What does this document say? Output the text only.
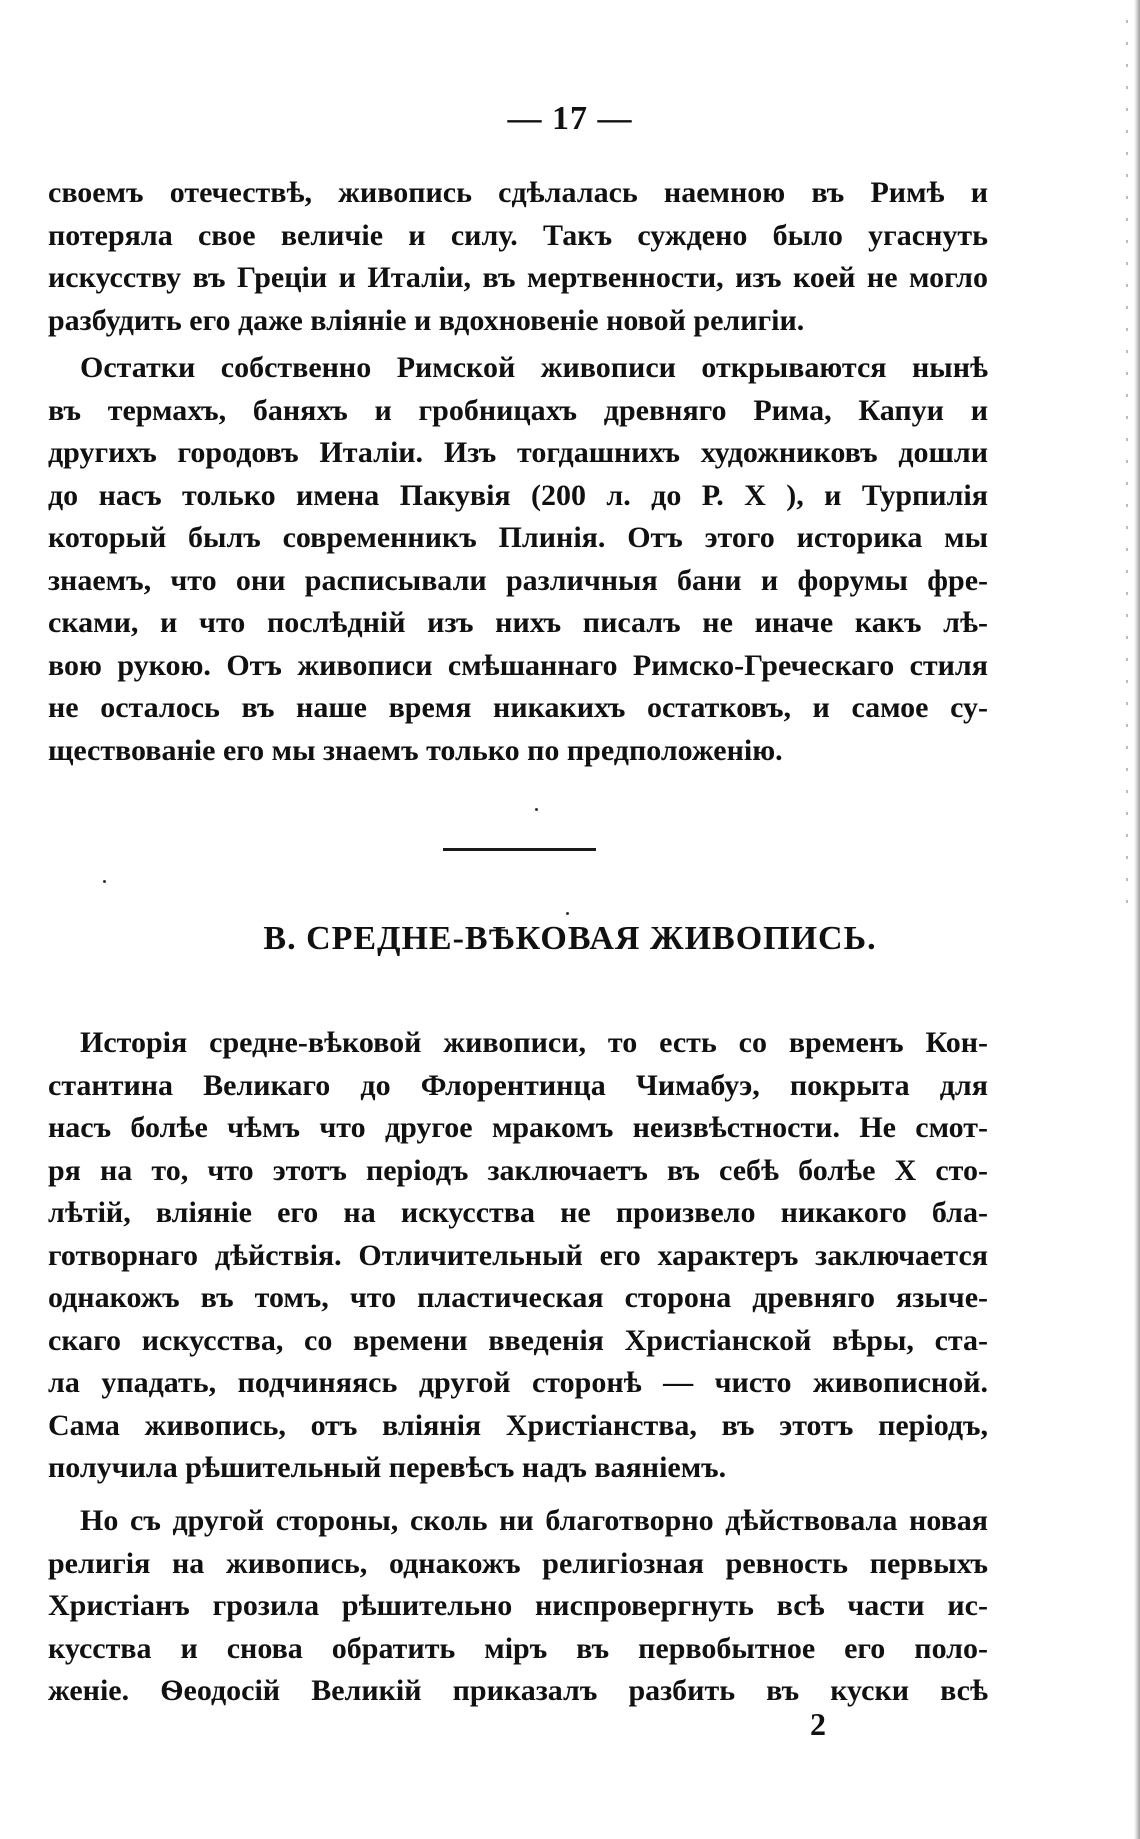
— 17 —

своемъ отечествѣ, живопись сдѣлалась наемною въ Римѣ и
потеряла свое величіе и силу. Такъ суждено было угаснуть
искусству въ Греціи и Италіи, въ мертвенности, изъ коей не могло
разбудить его даже вліяніе и вдохновеніе новой религіи.

Остатки собственно Римской живописи открываются нынѣ
въ термахъ, баняхъ и гробницахъ древняго Рима, Капуи и
другихъ городовъ Италіи. Изъ тогдашнихъ художниковъ дошли
до насъ только имена Пакувія (200 л. до Р. Х ), и Турпилія
который былъ современникъ Плинія. Отъ этого историка мы
знаемъ, что они расписывали различныя бани и форумы фре-
сками, и что послѣдній изъ нихъ писалъ не иначе какъ лѣ-
вою рукою. Отъ живописи смѣшаннаго Римско-Греческаго стиля
не осталось въ наше время никакихъ остатковъ, и самое су-
ществованіе его мы знаемъ только по предположенію.

В. СРЕДНЕ-ВѢКОВАЯ ЖИВОПИСЬ.

Исторія средне-вѣковой живописи, то есть со временъ Кон-
стантина Великаго до Флорентинца Чимабуэ, покрыта для
насъ болѣе чѣмъ что другое мракомъ неизвѣстности. Не смот-
ря на то, что этотъ періодъ заключаетъ въ себѣ болѣе X сто-
лѣтій, вліяніе его на искусства не произвело никакого бла-
готворнаго дѣйствія. Отличительный его характеръ заключается
однакожъ въ томъ, что пластическая сторона древняго языче-
скаго искусства, со времени введенія Христіанской вѣры, ста-
ла упадать, подчиняясь другой сторонѣ — чисто живописной.
Сама живопись, отъ вліянія Христіанства, въ этотъ періодъ,
получила рѣшительный перевѣсъ надъ ваяніемъ.

Но съ другой стороны, сколь ни благотворно дѣйствовала новая
религія на живопись, однакожъ религіозная ревность первыхъ
Христіанъ грозила рѣшительно ниспровергнуть всѣ части ис-
кусства и снова обратить міръ въ первобытное его поло-
женіе. Ѳеодосій Великій приказалъ разбить въ куски всѣ

2
